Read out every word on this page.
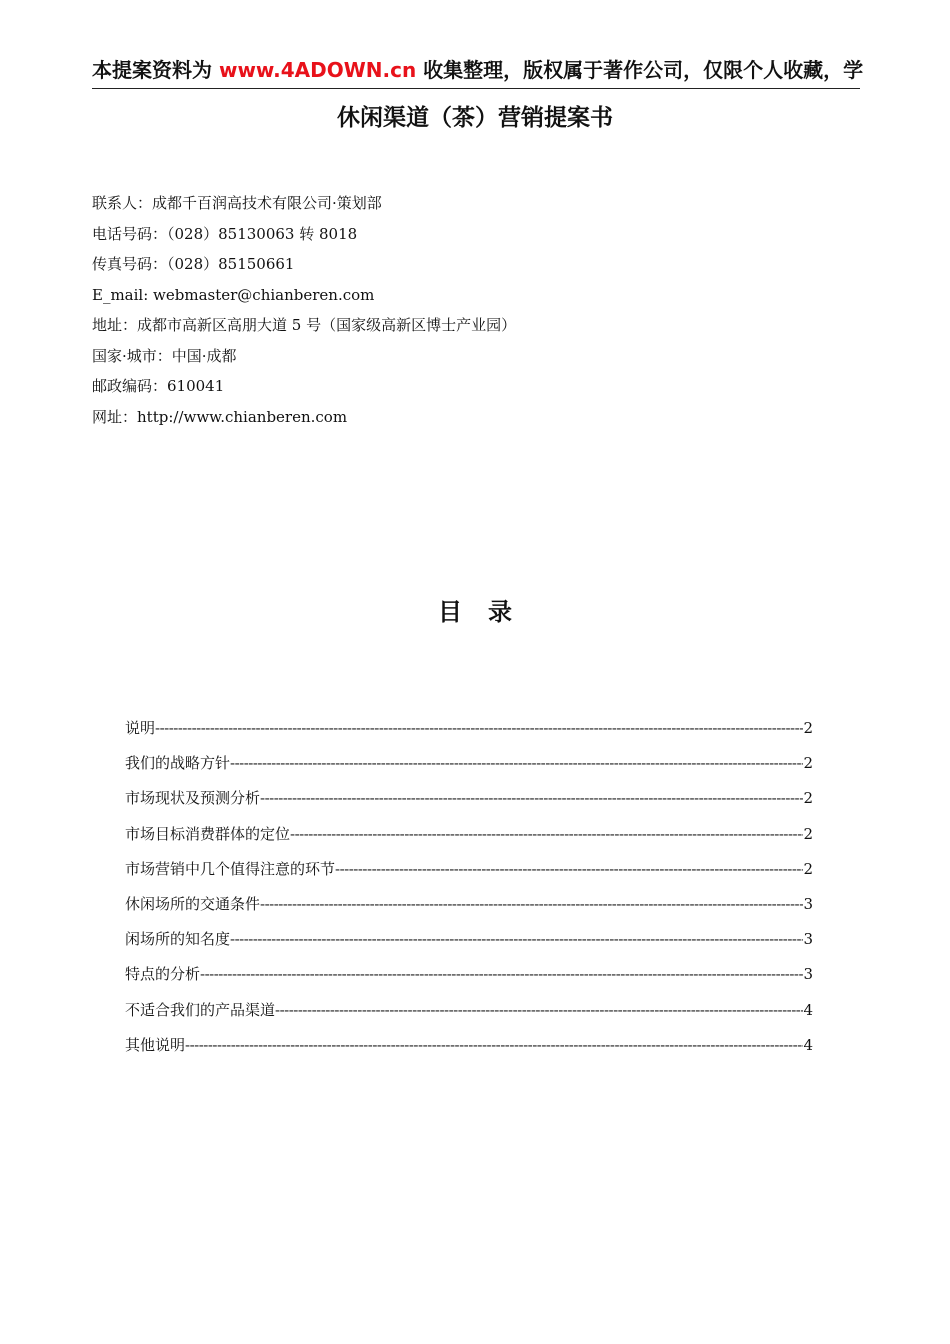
本提案资料为 www.4ADOWN.cn 收集整理，版权属于著作公司，仅限个人收藏，学
休闲渠道（茶）营销提案书
联系人：成都千百润高技术有限公司·策划部
电话号码：（028）85130063 转 8018
传真号码：（028）85150661
E_mail: webmaster@chianberen.com
地址：成都市高新区高朋大道 5 号（国家级高新区博士产业园）
国家·城市：中国·成都
邮政编码：610041
网址：http://www.chianberen.com
目 录
说明 -----	2
我们的战略方针 -----	2
市场现状及预测分析 -----	2
市场目标消费群体的定位 -----	2
市场营销中几个值得注意的环节 -----	2
休闲场所的交通条件 -----	3
闲场所的知名度 -----	3
特点的分析 -----	3
不适合我们的产品渠道 -----	4
其他说明 -----	4
